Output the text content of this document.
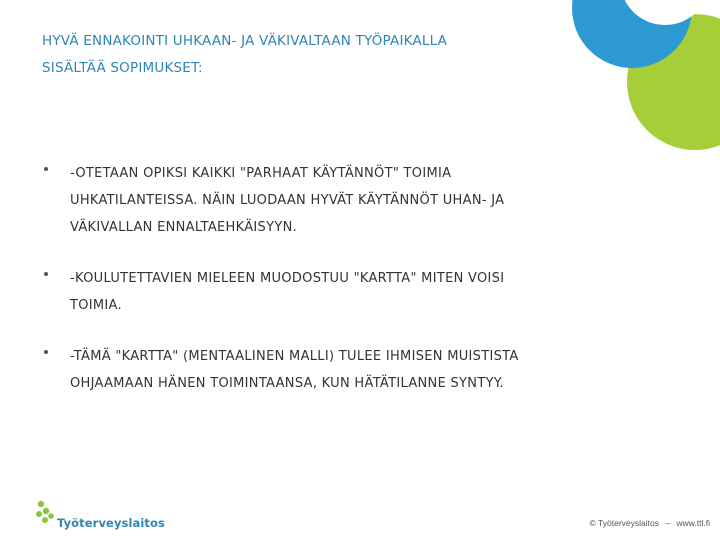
HYVÄ ENNAKOINTI UHKAAN- JA VÄKIVALTAAN TYÖPAIKALLA
SISÄLTÄÄ SOPIMUKSET:
-OTETAAN OPIKSI KAIKKI "PARHAAT KÄYTÄNNÖT" TOIMIA
UHKATILANTEISSA. NÄIN LUODAAN HYVÄT KÄYTÄNNÖT UHAN- JA
VÄKIVALLAN ENNALTAEHKÄISYYN.
-KOULUTETTAVIEN MIELEEN MUODOSTUU "KARTTA" MITEN VOISI
TOIMIA.
-TÄMÄ "KARTTA" (MENTAALINEN MALLI) TULEE IHMISEN MUISTISTA
OHJAAMAAN HÄNEN TOIMINTAANSA, KUN HÄTÄTILANNE SYNTYY.
Työterveyslaitos	© Työterveyslaitos – www.ttl.fi
